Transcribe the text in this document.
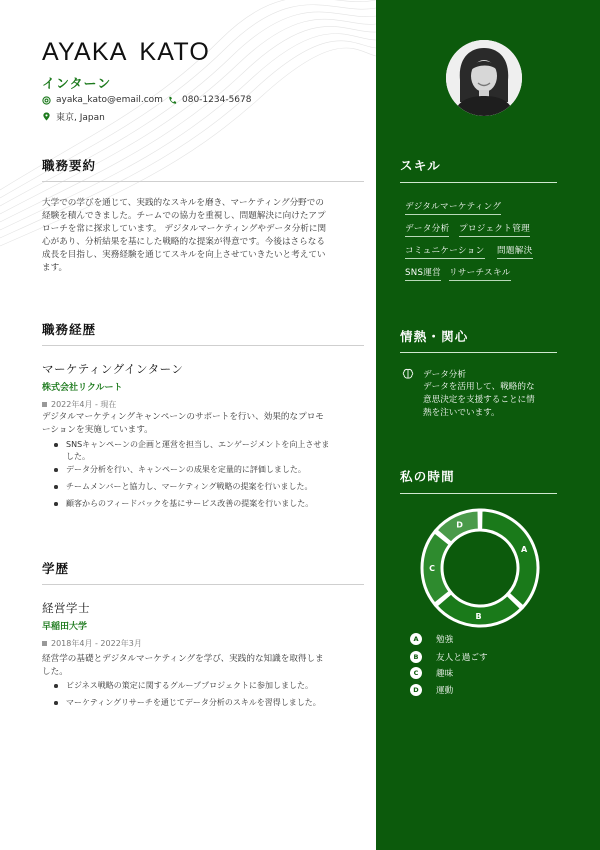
AYAKA KATO
インターン
ayaka_kato@email.com 080-1234-5678
東京, Japan
職務要約
大学での学びを通じて、実践的なスキルを磨き、マーケティング分野での
経験を積んできました。チームでの協力を重視し、問題解決に向けたアプ
ローチを常に探求しています。 デジタルマーケティングやデータ分析に関
心があり、分析結果を基にした戦略的な提案が得意です。今後はさらなる
成長を目指し、実務経験を通じてスキルを向上させていきたいと考えてい
ます。
職務経歴
マーケティングインターン
株式会社リクルート
2022年4月 - 現在
デジタルマーケティングキャンペーンのサポートを行い、効果的なプロモ
ーションを実施しています。
SNSキャンペーンの企画と運営を担当し、エンゲージメントを向上させま
した。
データ分析を行い、キャンペーンの成果を定量的に評価しました。
チームメンバーと協力し、マーケティング戦略の提案を行いました。
顧客からのフィードバックを基にサービス改善の提案を行いました。
学歴
経営学士
早稲田大学
2018年4月 - 2022年3月
経営学の基礎とデジタルマーケティングを学び、実践的な知識を取得しま
した。
ビジネス戦略の策定に関するグループプロジェクトに参加しました。
マーケティングリサーチを通じてデータ分析のスキルを習得しました。
スキル
デジタルマーケティング
データ分析 プロジェクト管理
コミュニケーション 問題解決
SNS運営 リサーチスキル
情熱・関心
データ分析
データを活用して、戦略的な
意思決定を支援することに情
熱を注いでいます。
私の時間
A
B
C
D
A	勉強
B	友人と過ごす
C	趣味
D	運動
